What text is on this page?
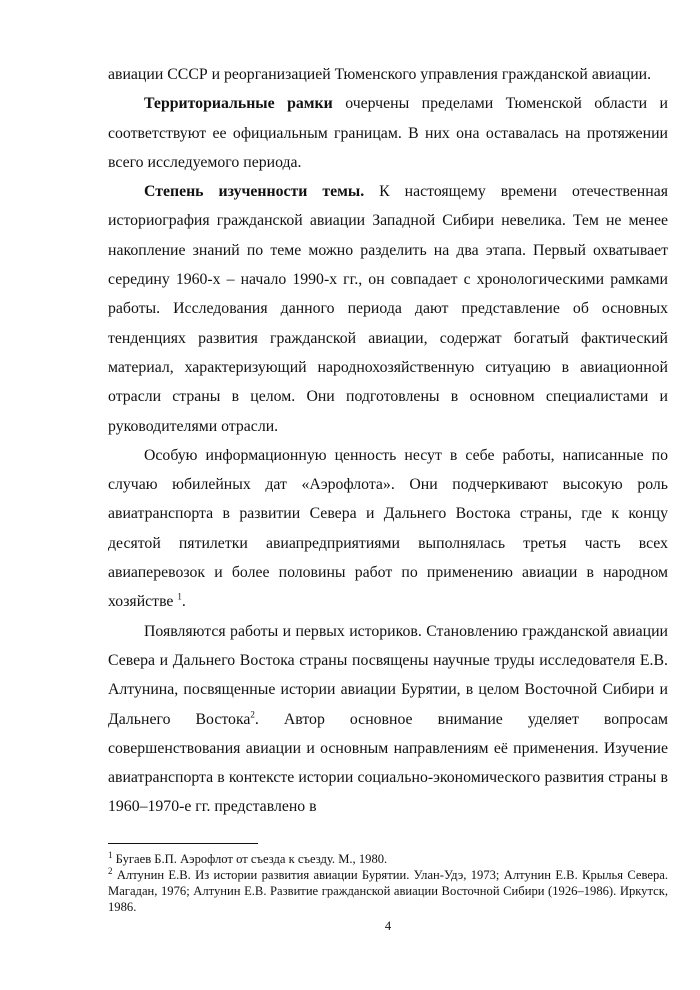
авиации СССР и реорганизацией Тюменского управления гражданской авиации.

Территориальные рамки очерчены пределами Тюменской области и соответствуют ее официальным границам. В них она оставалась на протяжении всего исследуемого периода.

Степень изученности темы. К настоящему времени отечественная историография гражданской авиации Западной Сибири невелика. Тем не менее накопление знаний по теме можно разделить на два этапа. Первый охватывает середину 1960-х – начало 1990-х гг., он совпадает с хронологическими рамками работы. Исследования данного периода дают представление об основных тенденциях развития гражданской авиации, содержат богатый фактический материал, характеризующий народнохозяйственную ситуацию в авиационной отрасли страны в целом. Они подготовлены в основном специалистами и руководителями отрасли.

Особую информационную ценность несут в себе работы, написанные по случаю юбилейных дат «Аэрофлота». Они подчеркивают высокую роль авиатранспорта в развитии Севера и Дальнего Востока страны, где к концу десятой пятилетки авиапредприятиями выполнялась третья часть всех авиаперевозок и более половины работ по применению авиации в народном хозяйстве $^1$.

Появляются работы и первых историков. Становлению гражданской авиации Севера и Дальнего Востока страны посвящены научные труды исследователя Е.В. Алтунина, посвященные истории авиации Бурятии, в целом Восточной Сибири и Дальнего Востока$^2$. Автор основное внимание уделяет вопросам совершенствования авиации и основным направлениям её применения. Изучение авиатранспорта в контексте истории социально-экономического развития страны в 1960–1970-е гг. представлено в

$^1$ Бугаев Б.П. Аэрофлот от съезда к съезду. М., 1980.

$^2$ Алтунин Е.В. Из истории развития авиации Бурятии. Улан-Удэ, 1973; Алтунин Е.В. Крылья Севера. Магадан, 1976; Алтунин Е.В. Развитие гражданской авиации Восточной Сибири (1926–1986). Иркутск, 1986.

4
